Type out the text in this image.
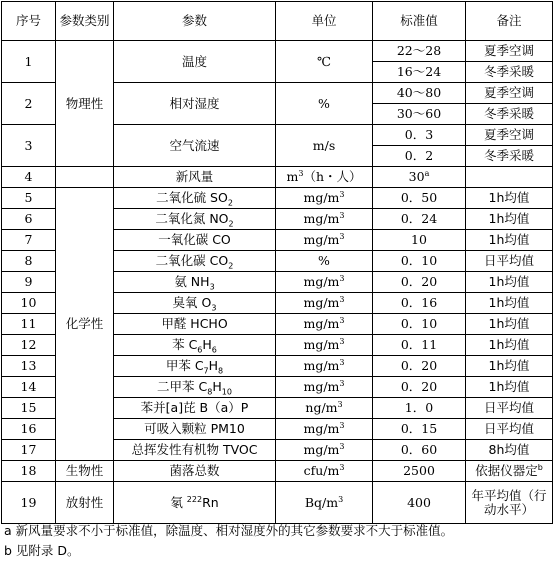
序号	参数类别	参数	单位	标准值	备注
1	物理性	温度	℃	22～28	夏季空调
				16～24	冬季采暖
2		相对湿度	%	40～80	夏季空调
				30～60	冬季采暖
3		空气流速	m/s	0．3	夏季空调
				0．2	冬季采暖
4		新风量	$m^3(h$・人）	30$^a$	
5	化学性	二氧化硫 $SO_2$	$mg/m^3$	0．50	1h均值
6		二氧化氮 $NO_2$	$mg/m^3$	0．24	1h均值
7		一氧化碳 CO	$mg/m^3$	10	1h均值
8		二氧化碳 $CO_2$	%	0．10	日平均值
9		氨 $NH_3$	$mg/m^3$	0．20	1h均值
10		臭氧 $O_3$	$mg/m^3$	0．16	1h均值
11		甲醛 HCHO	$mg/m^3$	0．10	1h均值
12		苯 $C_6H_6$	$mg/m^3$	0．11	1h均值
13		甲苯 $C_7H_8$	$mg/m^3$	0．20	1h均值
14		二甲苯 $C_8H_{10}$	$mg/m^3$	0．20	1h均值
15		苯并[a]芘 B（a）P	$ng/m^3$	1．0	日平均值
16		可吸入颗粒 PM10	$mg/m^3$	0．15	日平均值
17		总挥发性有机物 TVOC	$mg/m^3$	0．60	8h均值
18	生物性	菌落总数	cfu/$m^3$	2500	依据仪器定$^b$
19	放射性	氡 $^{222}$Rn	$Bq/m^3$	400	年平均值（行动水平）
a 新风量要求不小于标准值，除温度、相对湿度外的其它参数要求不大于标准值。
b 见附录 D。
